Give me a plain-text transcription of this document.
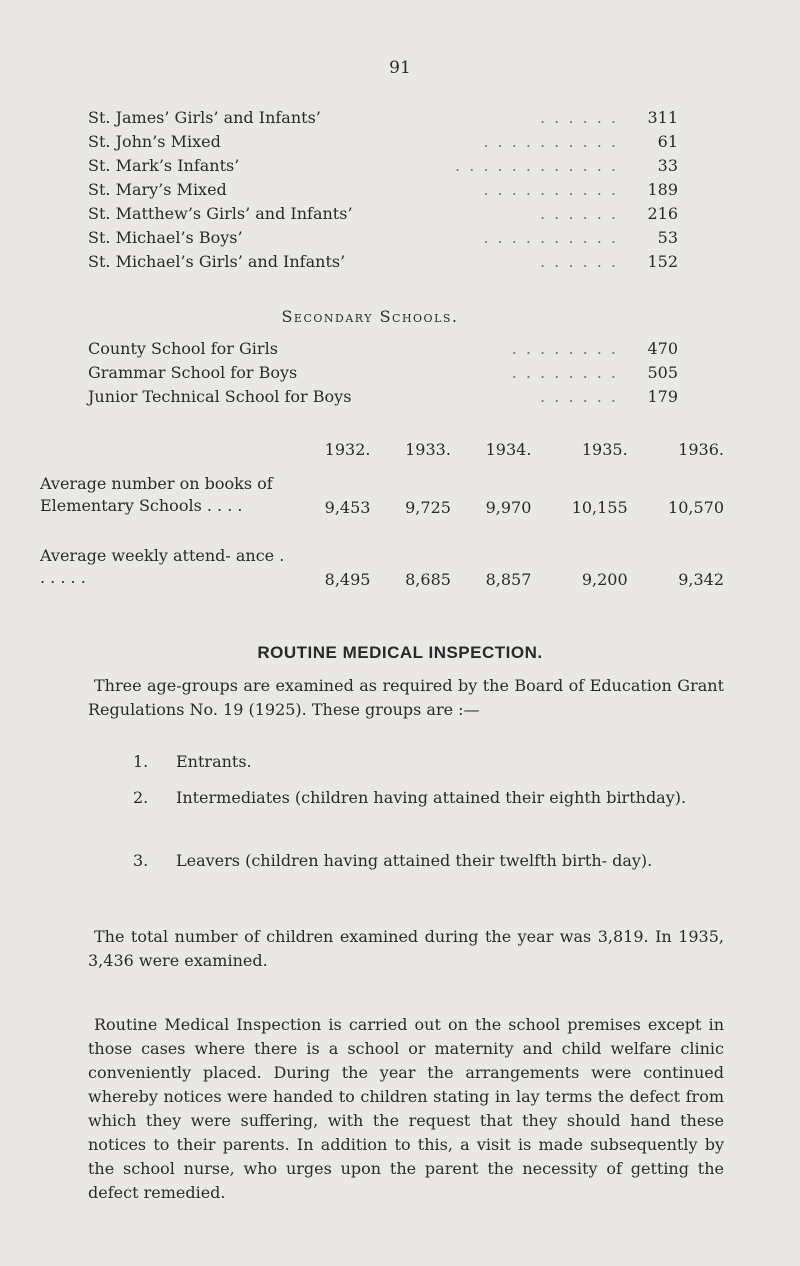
91
. . . . . .
St. James’ Girls’ and Infants’	311
. . . . . . . . . .
St. John’s Mixed	61
. . . . . . . . . . . .
St. Mark’s Infants’	33
. . . . . . . . . .
St. Mary’s Mixed	189
. . . . . .
St. Matthew’s Girls’ and Infants’	216
. . . . . . . . . .
St. Michael’s Boys’	53
. . . . . .
St. Michael’s Girls’ and Infants’	152
Secondary Schools.
. . . . . . . .
County School for Girls	470
. . . . . . . .
Grammar School for Boys	505
. . . . . .
Junior Technical School for Boys	179
	1932.	1933.	1934.	1935.	1936.
Average number on books of Elementary Schools . . . .	9,453	9,725	9,970	10,155	10,570

Average weekly attend- ance . . . . . .	8,495	8,685	8,857	9,200	9,342
ROUTINE MEDICAL INSPECTION.
Three age-groups are examined as required by the Board of Education Grant Regulations No. 19 (1925). These groups are :—
1. Entrants.
2. Intermediates (children having attained their eighth birthday).
3. Leavers (children having attained their twelfth birth- day).
The total number of children examined during the year was 3,819. In 1935, 3,436 were examined.
Routine Medical Inspection is carried out on the school premises except in those cases where there is a school or maternity and child welfare clinic conveniently placed. During the year the arrangements were continued whereby notices were handed to children stating in lay terms the defect from which they were suffering, with the request that they should hand these notices to their parents. In addition to this, a visit is made subsequently by the school nurse, who urges upon the parent the necessity of getting the defect remedied.
